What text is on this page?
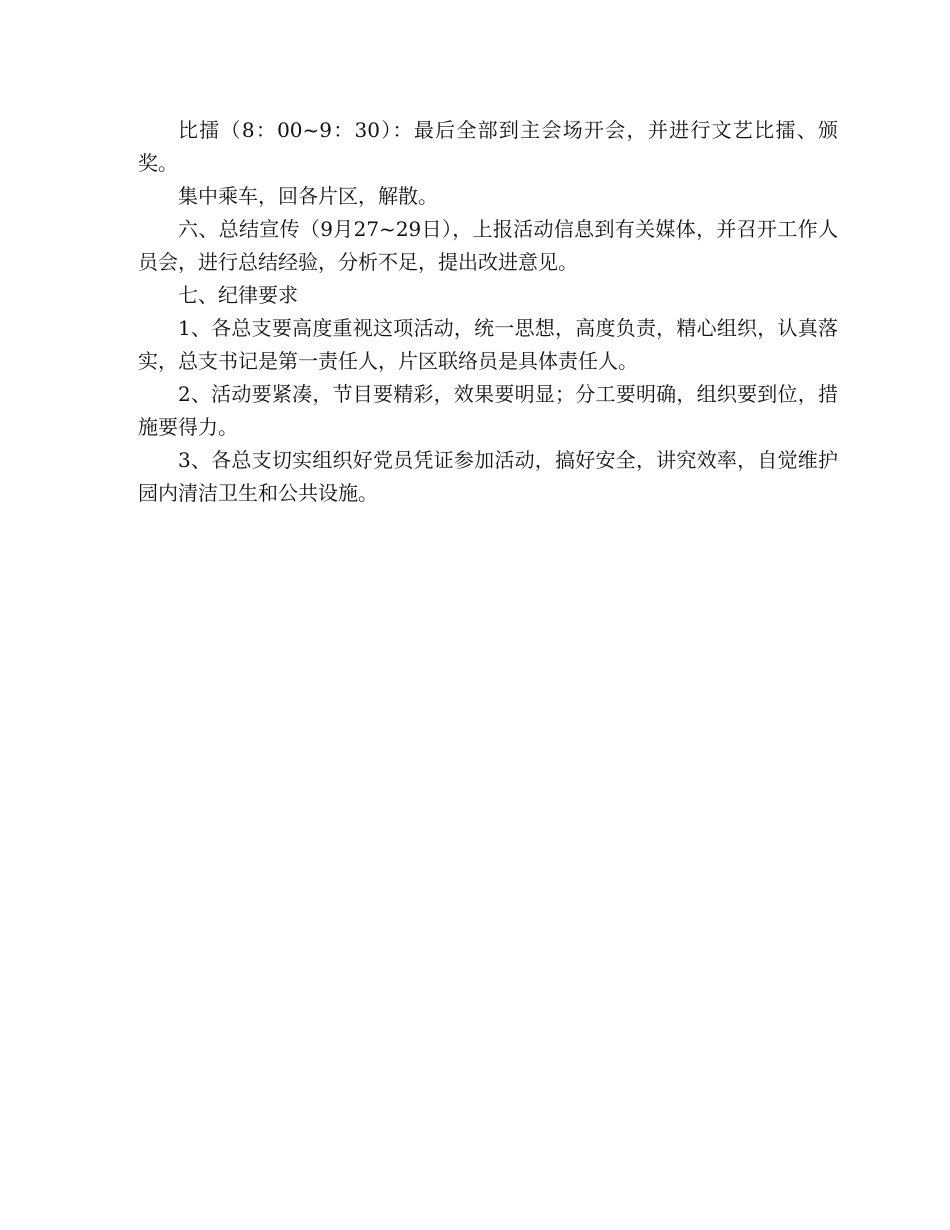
比擂（8：00~9：30）：最后全部到主会场开会，并进行文艺比擂、颁奖。

集中乘车，回各片区，解散。

六、总结宣传（9月27~29日），上报活动信息到有关媒体，并召开工作人员会，进行总结经验，分析不足，提出改进意见。

七、纪律要求

1、各总支要高度重视这项活动，统一思想，高度负责，精心组织，认真落实，总支书记是第一责任人，片区联络员是具体责任人。

2、活动要紧凑，节目要精彩，效果要明显；分工要明确，组织要到位，措施要得力。

3、各总支切实组织好党员凭证参加活动，搞好安全，讲究效率，自觉维护园内清洁卫生和公共设施。
